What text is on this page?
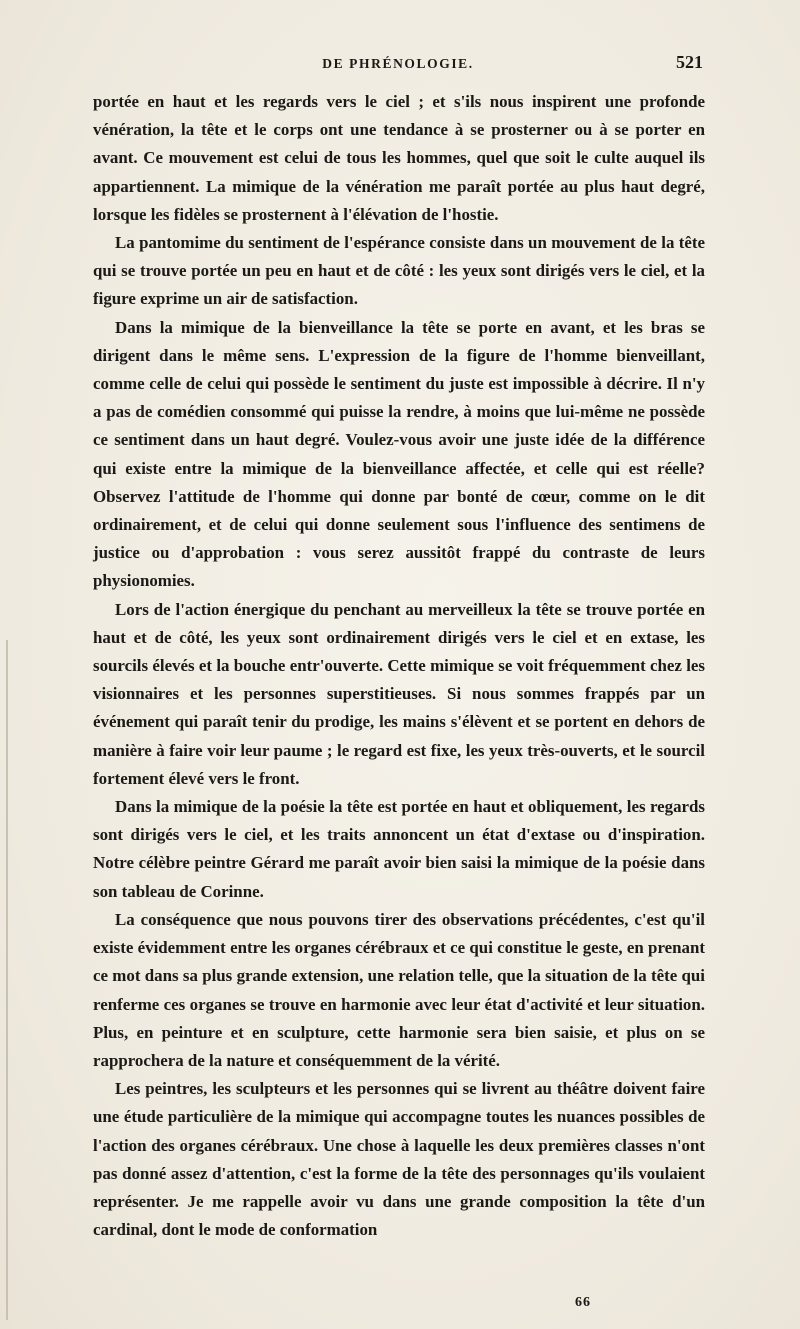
DE PHRÉNOLOGIE.	521

portée en haut et les regards vers le ciel ; et s'ils nous inspirent une profonde vénération, la tête et le corps ont une tendance à se prosterner ou à se porter en avant. Ce mouvement est celui de tous les hommes, quel que soit le culte auquel ils appartiennent. La mimique de la vénération me paraît portée au plus haut degré, lorsque les fidèles se prosternent à l'élévation de l'hostie.

La pantomime du sentiment de l'espérance consiste dans un mouvement de la tête qui se trouve portée un peu en haut et de côté : les yeux sont dirigés vers le ciel, et la figure exprime un air de satisfaction.

Dans la mimique de la bienveillance la tête se porte en avant, et les bras se dirigent dans le même sens. L'expression de la figure de l'homme bienveillant, comme celle de celui qui possède le sentiment du juste est impossible à décrire. Il n'y a pas de comédien consommé qui puisse la rendre, à moins que lui-même ne possède ce sentiment dans un haut degré. Voulez-vous avoir une juste idée de la différence qui existe entre la mimique de la bienveillance affectée, et celle qui est réelle? Observez l'attitude de l'homme qui donne par bonté de cœur, comme on le dit ordinairement, et de celui qui donne seulement sous l'influence des sentimens de justice ou d'approbation : vous serez aussitôt frappé du contraste de leurs physionomies.

Lors de l'action énergique du penchant au merveilleux la tête se trouve portée en haut et de côté, les yeux sont ordinairement dirigés vers le ciel et en extase, les sourcils élevés et la bouche entr'ouverte. Cette mimique se voit fréquemment chez les visionnaires et les personnes superstitieuses. Si nous sommes frappés par un événement qui paraît tenir du prodige, les mains s'élèvent et se portent en dehors de manière à faire voir leur paume ; le regard est fixe, les yeux très-ouverts, et le sourcil fortement élevé vers le front.

Dans la mimique de la poésie la tête est portée en haut et obliquement, les regards sont dirigés vers le ciel, et les traits annoncent un état d'extase ou d'inspiration. Notre célèbre peintre Gérard me paraît avoir bien saisi la mimique de la poésie dans son tableau de Corinne.

La conséquence que nous pouvons tirer des observations précédentes, c'est qu'il existe évidemment entre les organes cérébraux et ce qui constitue le geste, en prenant ce mot dans sa plus grande extension, une relation telle, que la situation de la tête qui renferme ces organes se trouve en harmonie avec leur état d'activité et leur situation. Plus, en peinture et en sculpture, cette harmonie sera bien saisie, et plus on se rapprochera de la nature et conséquemment de la vérité.

Les peintres, les sculpteurs et les personnes qui se livrent au théâtre doivent faire une étude particulière de la mimique qui accompagne toutes les nuances possibles de l'action des organes cérébraux. Une chose à laquelle les deux premières classes n'ont pas donné assez d'attention, c'est la forme de la tête des personnages qu'ils voulaient représenter. Je me rappelle avoir vu dans une grande composition la tête d'un cardinal, dont le mode de conformation

66
